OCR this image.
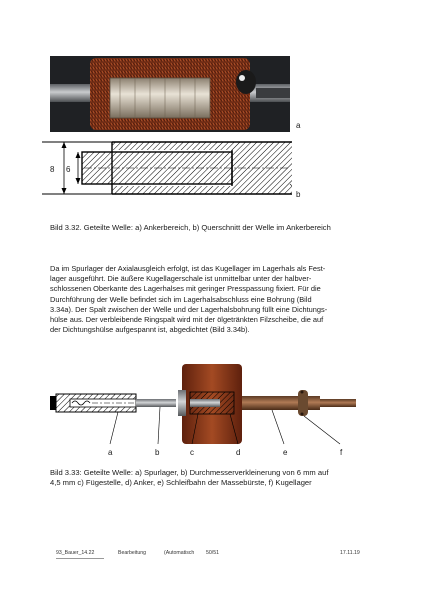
a
8 6
b
Bild 3.32. Geteilte Welle: a) Ankerbereich, b) Querschnitt der Welle im Ankerbereich
Da im Spurlager der Axialausgleich erfolgt, ist das Kugellager im Lagerhals als Fest-
lager ausgeführt. Die äußere Kugellagerschale ist unmittelbar unter der halbver-
schlossenen Oberkante des Lagerhalses mit geringer Presspassung fixiert. Für die
Durchführung der Welle befindet sich im Lagerhalsabschluss eine Bohrung (Bild
3.34a). Der Spalt zwischen der Welle und der Lagerhalsbohrung füllt eine Dichtungs-
hülse aus. Der verbleibende Ringspalt wird mit der ölgetränkten Filzscheibe, die auf
der Dichtungshülse aufgespannt ist, abgedichtet (Bild 3.34b).
a	b	c	d	e	f
Bild 3.33: Geteilte Welle: a) Spurlager, b) Durchmesserverkleinerung von 6 mm auf
4,5 mm c) Fügestelle, d) Anker, e) Schleifbahn der Massebürste, f) Kugellager
93_Bauer_14.22	Bearbeitung	(Automatisch 50/51	17.11.19
